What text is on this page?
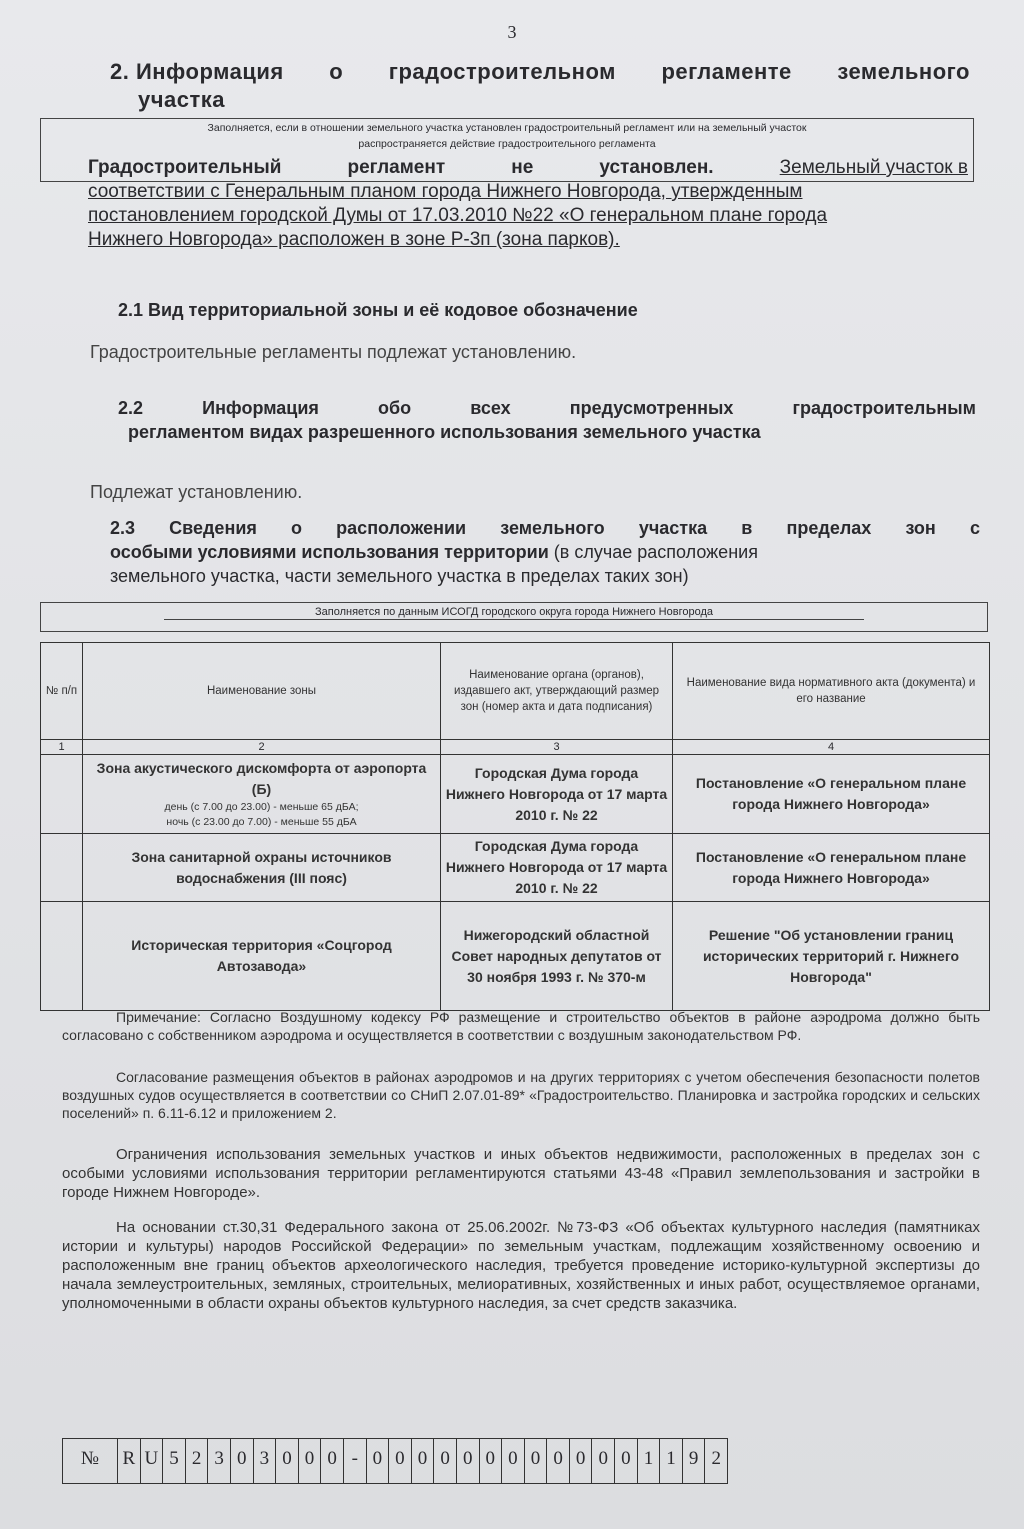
3
2. Информация о градостроительном регламенте земельного
участка
Заполняется, если в отношении земельного участка установлен градостроительный регламент или на земельный участок
распространяется действие градостроительного регламента
Градостроительный	регламент	не	установлен.	Земельный участок в
соответствии с Генеральным планом города Нижнего Новгорода, утвержденным
постановлением городской Думы от 17.03.2010 №22 «О генеральном плане города
Нижнего Новгорода» расположен в зоне Р-3п (зона парков).
2.1 Вид территориальной зоны и её кодовое обозначение
Градостроительные регламенты подлежат установлению.
2.2	Информация	обо	всех	предусмотренных	градостроительным
регламентом видах разрешенного использования земельного участка
Подлежат установлению.
2.3 Сведения о расположении земельного участка в пределах зон с
особыми условиями использования территории (в случае расположения
земельного участка, части земельного участка в пределах таких зон)
Заполняется по данным ИСОГД городского округа города Нижнего Новгорода
№ п/п	Наименование зоны	Наименование органа (органов), издавшего акт, утверждающий размер зон (номер акта и дата подписания)	Наименование вида нормативного акта (документа) и его название
1	2	3	4

	Зона акустического дискомфорта от аэропорта (Б)
день (с 7.00 до 23.00) - меньше 65 дБА;
ночь (с 23.00 до 7.00) - меньше 55 дБА	Городская Дума города Нижнего Новгорода от 17 марта 2010 г. № 22	Постановление «О генеральном плане города Нижнего Новгорода»
	Зона санитарной охраны источников водоснабжения (III пояс)	Городская Дума города Нижнего Новгорода от 17 марта 2010 г. № 22	Постановление «О генеральном плане города Нижнего Новгорода»
	Историческая территория «Соцгород Автозавода»	Нижегородский областной Совет народных депутатов от 30 ноября 1993 г. № 370-м	Решение "Об установлении границ исторических территорий г. Нижнего Новгорода"
Примечание: Согласно Воздушному кодексу РФ размещение и строительство объектов в районе аэродрома должно быть согласовано с собственником аэродрома и осуществляется в соответствии с воздушным законодательством РФ.
Согласование размещения объектов в районах аэродромов и на других территориях с учетом обеспечения безопасности полетов воздушных судов осуществляется в соответствии со СНиП 2.07.01-89* «Градостроительство. Планировка и застройка городских и сельских поселений» п. 6.11-6.12 и приложением 2.
Ограничения использования земельных участков и иных объектов недвижимости, расположенных в пределах зон с особыми условиями использования территории регламентируются статьями 43-48 «Правил землепользования и застройки в городе Нижнем Новгороде».
На основании ст.30,31 Федерального закона от 25.06.2002г. №73-ФЗ «Об объектах культурного наследия (памятниках истории и культуры) народов Российской Федерации» по земельным участкам, подлежащим хозяйственному освоению и расположенным вне границ объектов археологического наследия, требуется проведение историко-культурной экспертизы до начала землеустроительных, земляных, строительных, мелиоративных, хозяйственных и иных работ, осуществляемое органами, уполномоченными в области охраны объектов культурного наследия, за счет средств заказчика.
№	R U 5 2 3 0 3 0 0 0 - 0 0 0 0 0 0 0 0 0 0 0 0 1 1 9 2
